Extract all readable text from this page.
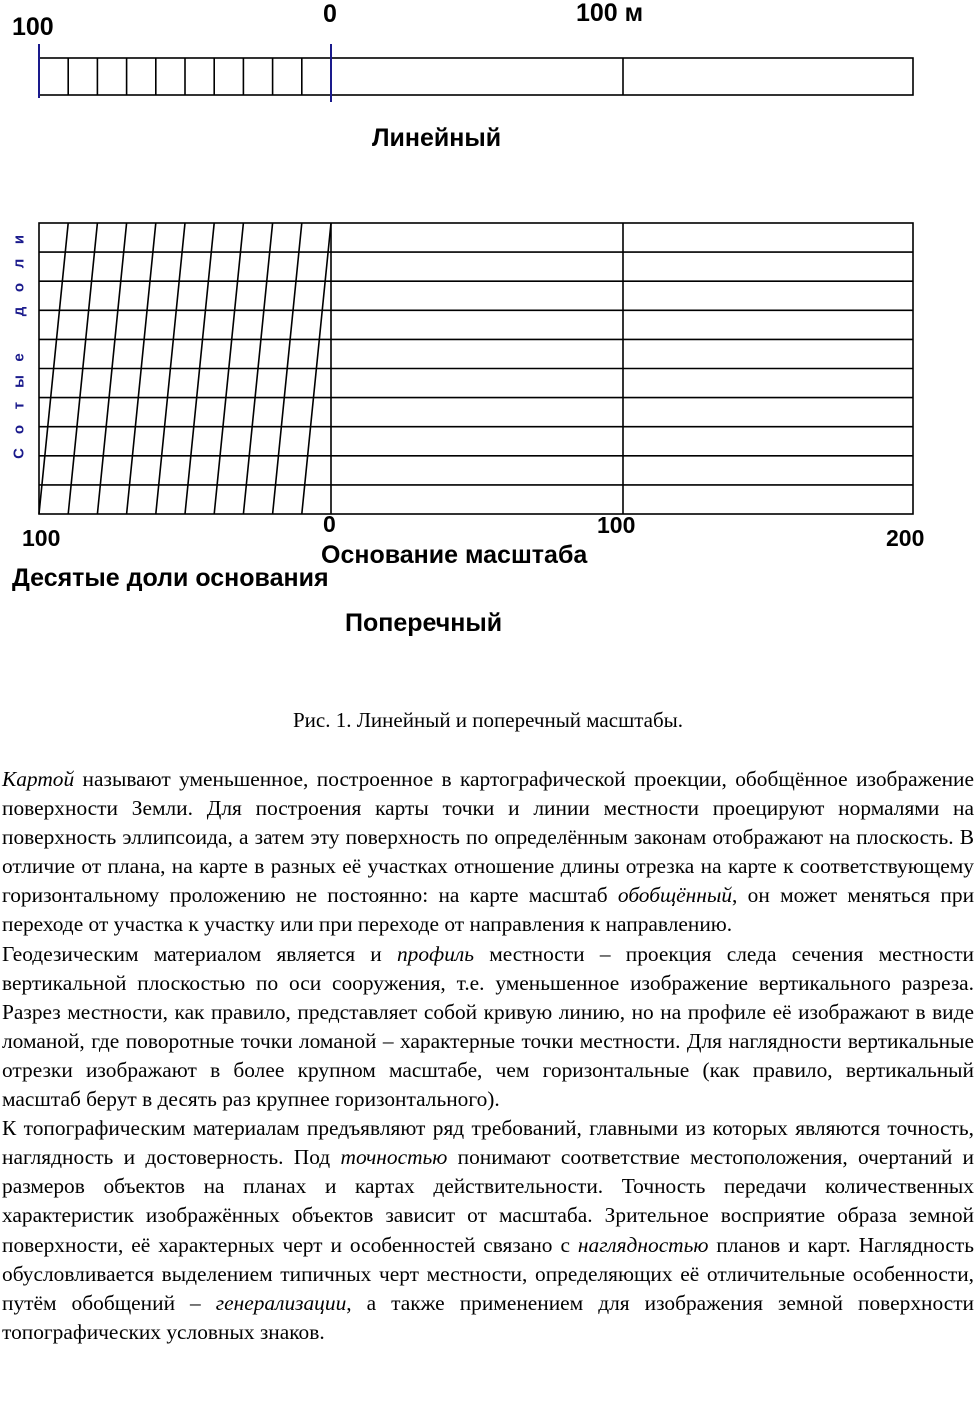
100	0	100 м
Линейный
и
л
о
д
е
ы
т
о
С
100
0	100	200
Основание масштаба
Десятые доли основания
Поперечный
Рис. 1. Линейный и поперечный масштабы.

Картой называют уменьшенное, построенное в картографической проекции, обобщённое изображение поверхности Земли. Для построения карты точки и линии местности проецируют нормалями на поверхность эллипсоида, а затем эту поверхность по определённым законам отображают на плоскость. В отличие от плана, на карте в разных её участках отношение длины отрезка на карте к соответствующему горизонтальному проложению не постоянно: на карте масштаб обобщённый, он может меняться при переходе от участка к участку или при переходе от направления к направлению.

Геодезическим материалом является и профиль местности – проекция следа сечения местности вертикальной плоскостью по оси сооружения, т.е. уменьшенное изображение вертикального разреза. Разрез местности, как правило, представляет собой кривую линию, но на профиле её изображают в виде ломаной, где поворотные точки ломаной – характерные точки местности. Для наглядности вертикальные отрезки изображают в более крупном масштабе, чем горизонтальные (как правило, вертикальный масштаб берут в десять раз крупнее горизонтального).

К топографическим материалам предъявляют ряд требований, главными из которых являются точность, наглядность и достоверность. Под точностью понимают соответствие местоположения, очертаний и размеров объектов на планах и картах действительности. Точность передачи количественных характеристик изображённых объектов зависит от масштаба. Зрительное восприятие образа земной поверхности, её характерных черт и особенностей связано с наглядностью планов и карт. Наглядность обусловливается выделением типичных черт местности, определяющих её отличительные особенности, путём обобщений – генерализации, а также применением для изображения земной поверхности топографических условных знаков.
